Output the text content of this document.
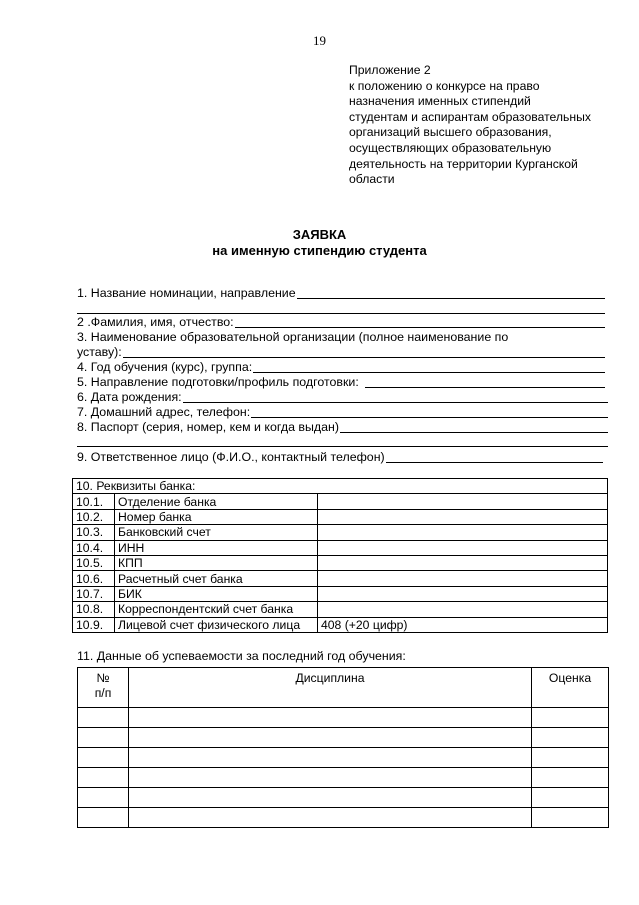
19
Приложение 2
к положению о конкурсе на право
назначения именных стипендий
студентам и аспирантам образовательных
организаций высшего образования,
осуществляющих образовательную
деятельность на территории Курганской
области
ЗАЯВКА
на именную стипендию студента
1. Название номинации, направление
2 .Фамилия, имя, отчество:
3. Наименование образовательной организации (полное наименование по
уставу):
4. Год обучения (курс), группа:
5. Направление подготовки/профиль подготовки:
6. Дата рождения:
7. Домашний адрес, телефон:
8. Паспорт (серия, номер, кем и когда выдан)
9. Ответственное лицо (Ф.И.О., контактный телефон)
10. Реквизиты банка:		
10.1.	Отделение банка	
10.2.	Номер банка	
10.3.	Банковский счет	
10.4.	ИНН	
10.5.	КПП	
10.6.	Расчетный счет банка	
10.7.	БИК	
10.8.	Корреспондентский счет банка	
10.9.	Лицевой счет физического лица	408 (+20 цифр)
11. Данные об успеваемости за последний год обучения:
№
п/п	Дисциплина	Оценка
